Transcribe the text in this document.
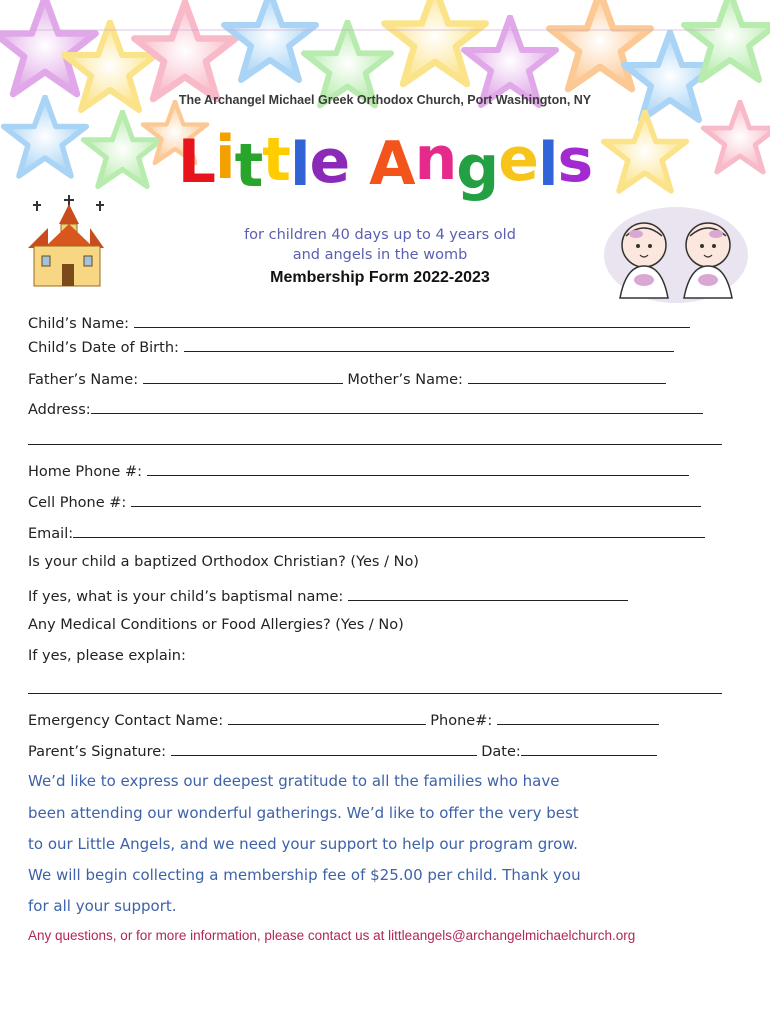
The Archangel Michael Greek Orthodox Church, Port Washington, NY
Little Angels
for children 40 days up to 4 years old
and angels in the womb
Membership Form 2022-2023
Child’s Name:
Child’s Date of Birth:
Father’s Name:	Mother’s Name:
Address:
Home Phone #:
Cell Phone #:
Email:
Is your child a baptized Orthodox Christian? (Yes / No)
If yes, what is your child’s baptismal name:
Any Medical Conditions or Food Allergies? (Yes / No)
If yes, please explain:
Emergency Contact Name:	Phone#:
Parent’s Signature:	Date:
We’d like to express our deepest gratitude to all the families who have
been attending our wonderful gatherings. We’d like to offer the very best
to our Little Angels, and we need your support to help our program grow.
We will begin collecting a membership fee of $25.00 per child. Thank you
for all your support.
Any questions, or for more information, please contact us at littleangels@archangelmichaelchurch.org
